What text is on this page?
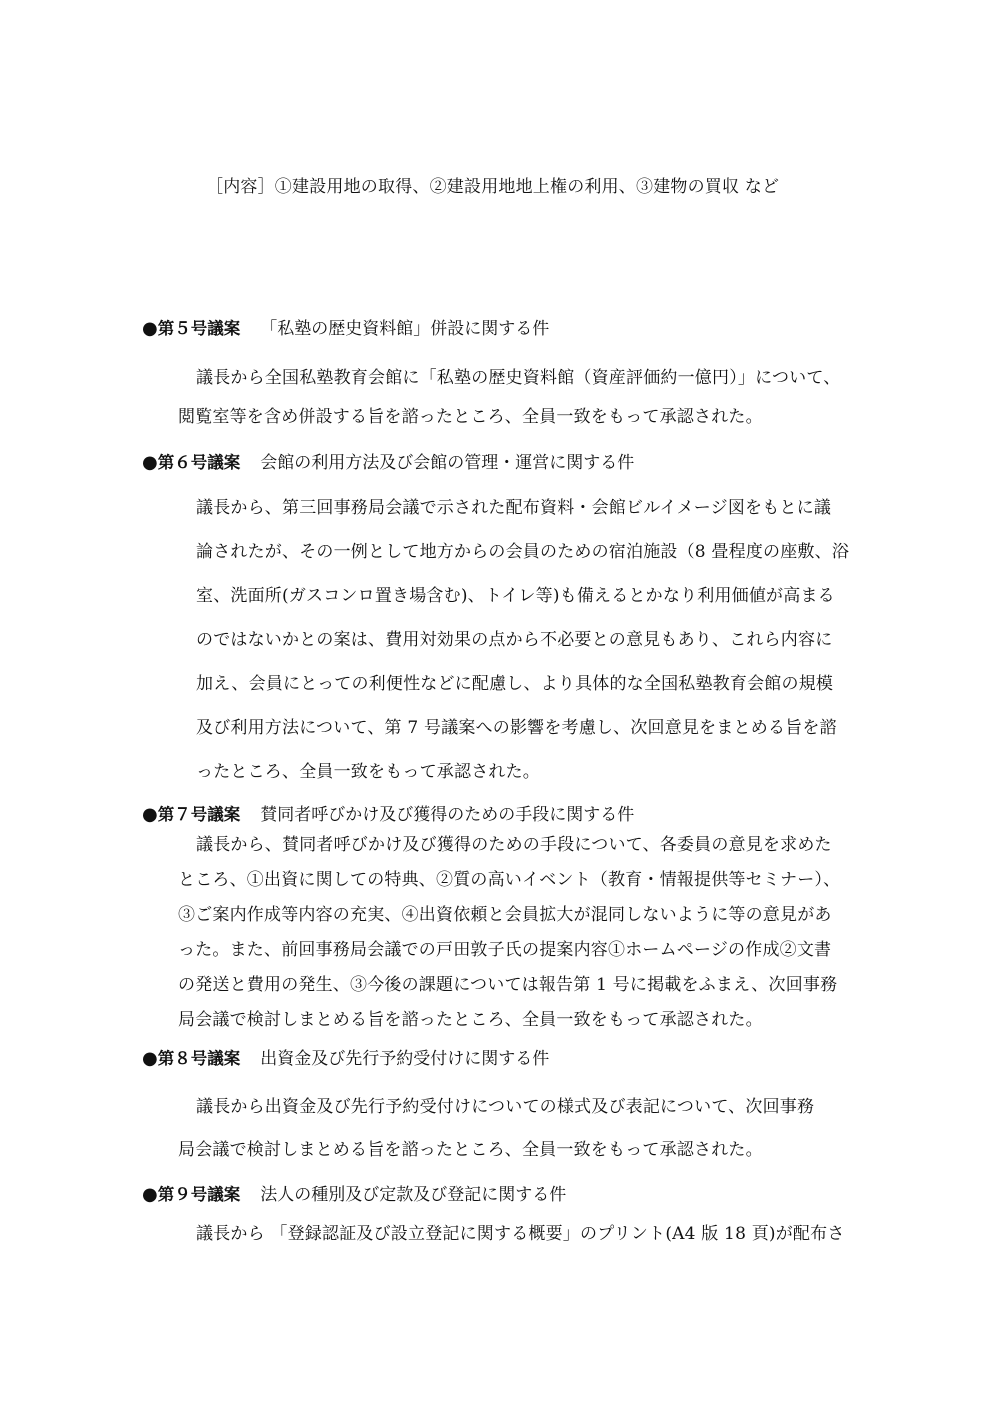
［内容］①建設用地の取得、②建設用地地上権の利用、③建物の買収 など
●第５号議案 「私塾の歴史資料館」併設に関する件
議長から全国私塾教育会館に「私塾の歴史資料館（資産評価約一億円）」について、
閲覧室等を含め併設する旨を諮ったところ、全員一致をもって承認された。
●第６号議案 会館の利用方法及び会館の管理・運営に関する件
議長から、第三回事務局会議で示された配布資料・会館ビルイメージ図をもとに議
論されたが、その一例として地方からの会員のための宿泊施設（8 畳程度の座敷、浴
室、洗面所(ガスコンロ置き場含む)、トイレ等)も備えるとかなり利用価値が高まる
のではないかとの案は、費用対効果の点から不必要との意見もあり、これら内容に
加え、会員にとっての利便性などに配慮し、より具体的な全国私塾教育会館の規模
及び利用方法について、第 7 号議案への影響を考慮し、次回意見をまとめる旨を諮
ったところ、全員一致をもって承認された。
●第７号議案 賛同者呼びかけ及び獲得のための手段に関する件
議長から、賛同者呼びかけ及び獲得のための手段について、各委員の意見を求めた
ところ、①出資に関しての特典、②質の高いイベント（教育・情報提供等セミナー）、
③ご案内作成等内容の充実、④出資依頼と会員拡大が混同しないように等の意見があ
った。また、前回事務局会議での戸田敦子氏の提案内容①ホームページの作成②文書
の発送と費用の発生、③今後の課題については報告第 1 号に掲載をふまえ、次回事務
局会議で検討しまとめる旨を諮ったところ、全員一致をもって承認された。
●第８号議案 出資金及び先行予約受付けに関する件
議長から出資金及び先行予約受付けについての様式及び表記について、次回事務
局会議で検討しまとめる旨を諮ったところ、全員一致をもって承認された。
●第９号議案 法人の種別及び定款及び登記に関する件
議長から 「登録認証及び設立登記に関する概要」のプリント(A4 版 18 頁)が配布さ
